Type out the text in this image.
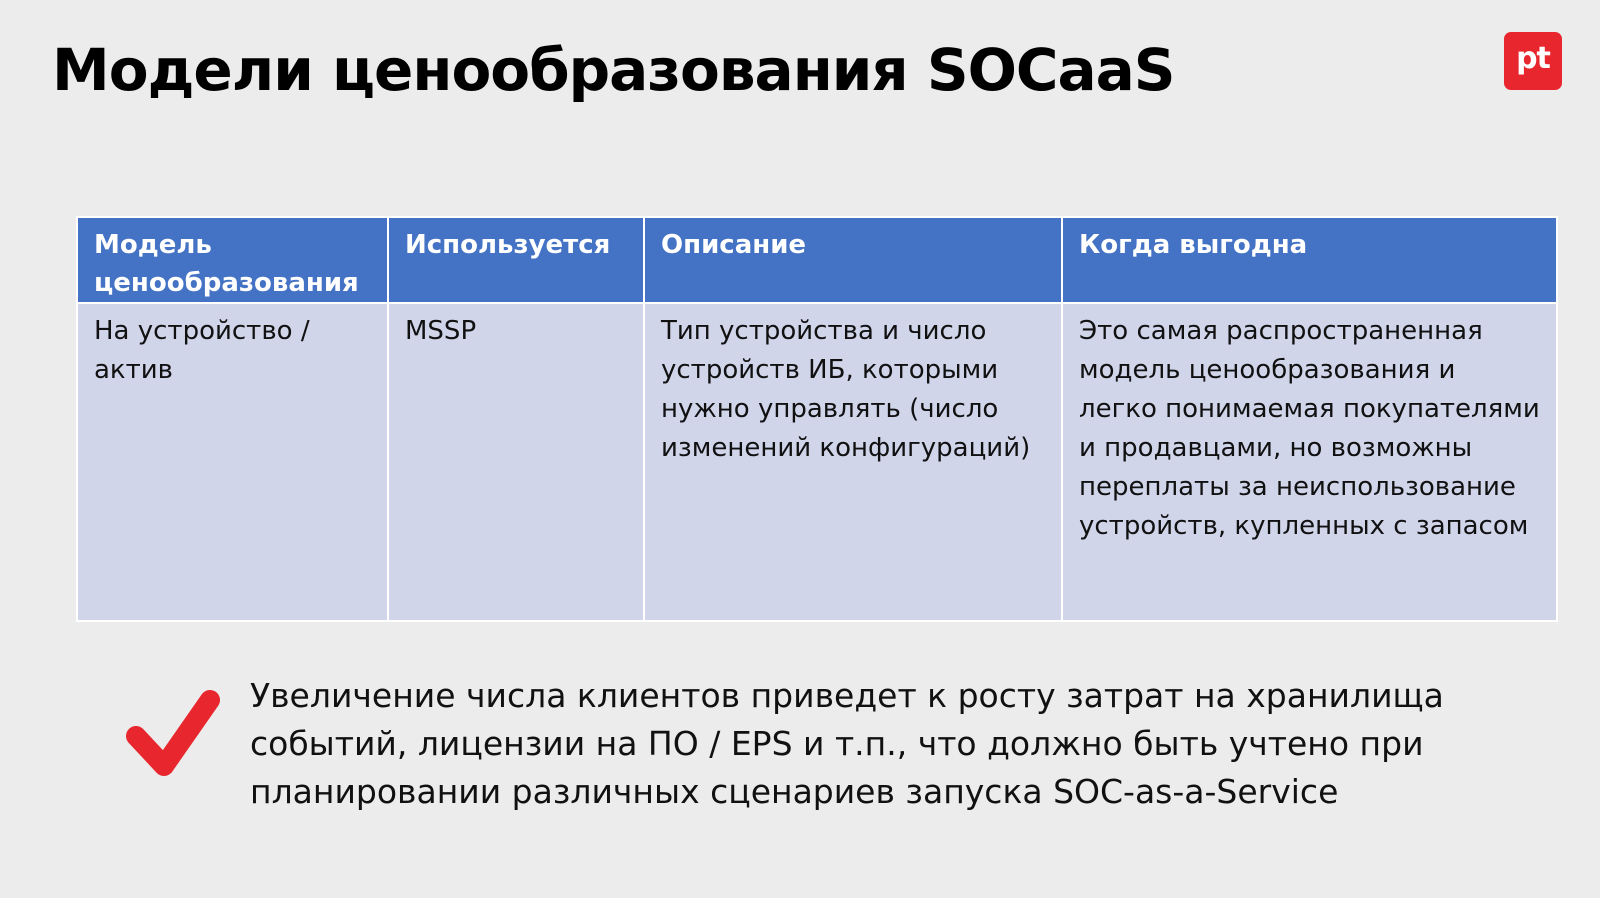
Модели ценообразования SOCaaS	pt
Модель ценообразования	Используется	Описание	Когда выгодна
На устройство / актив	MSSP	Тип устройства и число устройств ИБ, которыми нужно управлять (число изменений конфигураций)	Это самая распространенная модель ценообразования и легко понимаемая покупателями и продавцами, но возможны переплаты за неиспользование устройств, купленных с запасом
Увеличение числа клиентов приведет к росту затрат на хранилища событий, лицензии на ПО / EPS и т.п., что должно быть учтено при планировании различных сценариев запуска SOC-as-a-Service
